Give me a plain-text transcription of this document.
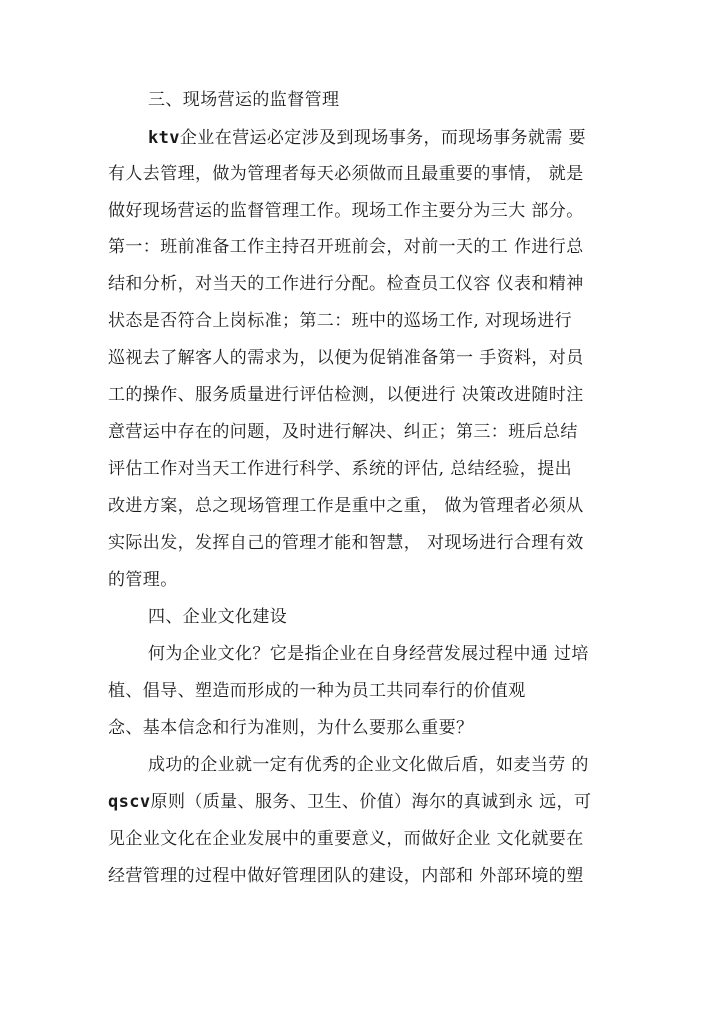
三、现场营运的监督管理
ktv企业在营运必定涉及到现场事务，而现场事务就需 要
有人去管理，做为管理者每天必须做而且最重要的事情， 就是
做好现场营运的监督管理工作。现场工作主要分为三大 部分。
第一：班前准备工作主持召开班前会，对前一天的工 作进行总
结和分析，对当天的工作进行分配。检查员工仪容 仪表和精神
状态是否符合上岗标准；第二：班中的巡场工作, 对现场进行
巡视去了解客人的需求为，以便为促销准备第一 手资料，对员
工的操作、服务质量进行评估检测，以便进行 决策改进随时注
意营运中存在的问题，及时进行解决、纠正；第三：班后总结
评估工作对当天工作进行科学、系统的评估, 总结经验，提出
改进方案，总之现场管理工作是重中之重， 做为管理者必须从
实际出发，发挥自己的管理才能和智慧， 对现场进行合理有效
的管理。
四、企业文化建设
何为企业文化？它是指企业在自身经营发展过程中通 过培
植、倡导、塑造而形成的一种为员工共同奉行的价值观
念、基本信念和行为准则，为什么要那么重要？
成功的企业就一定有优秀的企业文化做后盾，如麦当劳 的
qscv原则（质量、服务、卫生、价值）海尔的真诚到永 远，可
见企业文化在企业发展中的重要意义，而做好企业 文化就要在
经营管理的过程中做好管理团队的建设，内部和 外部环境的塑
